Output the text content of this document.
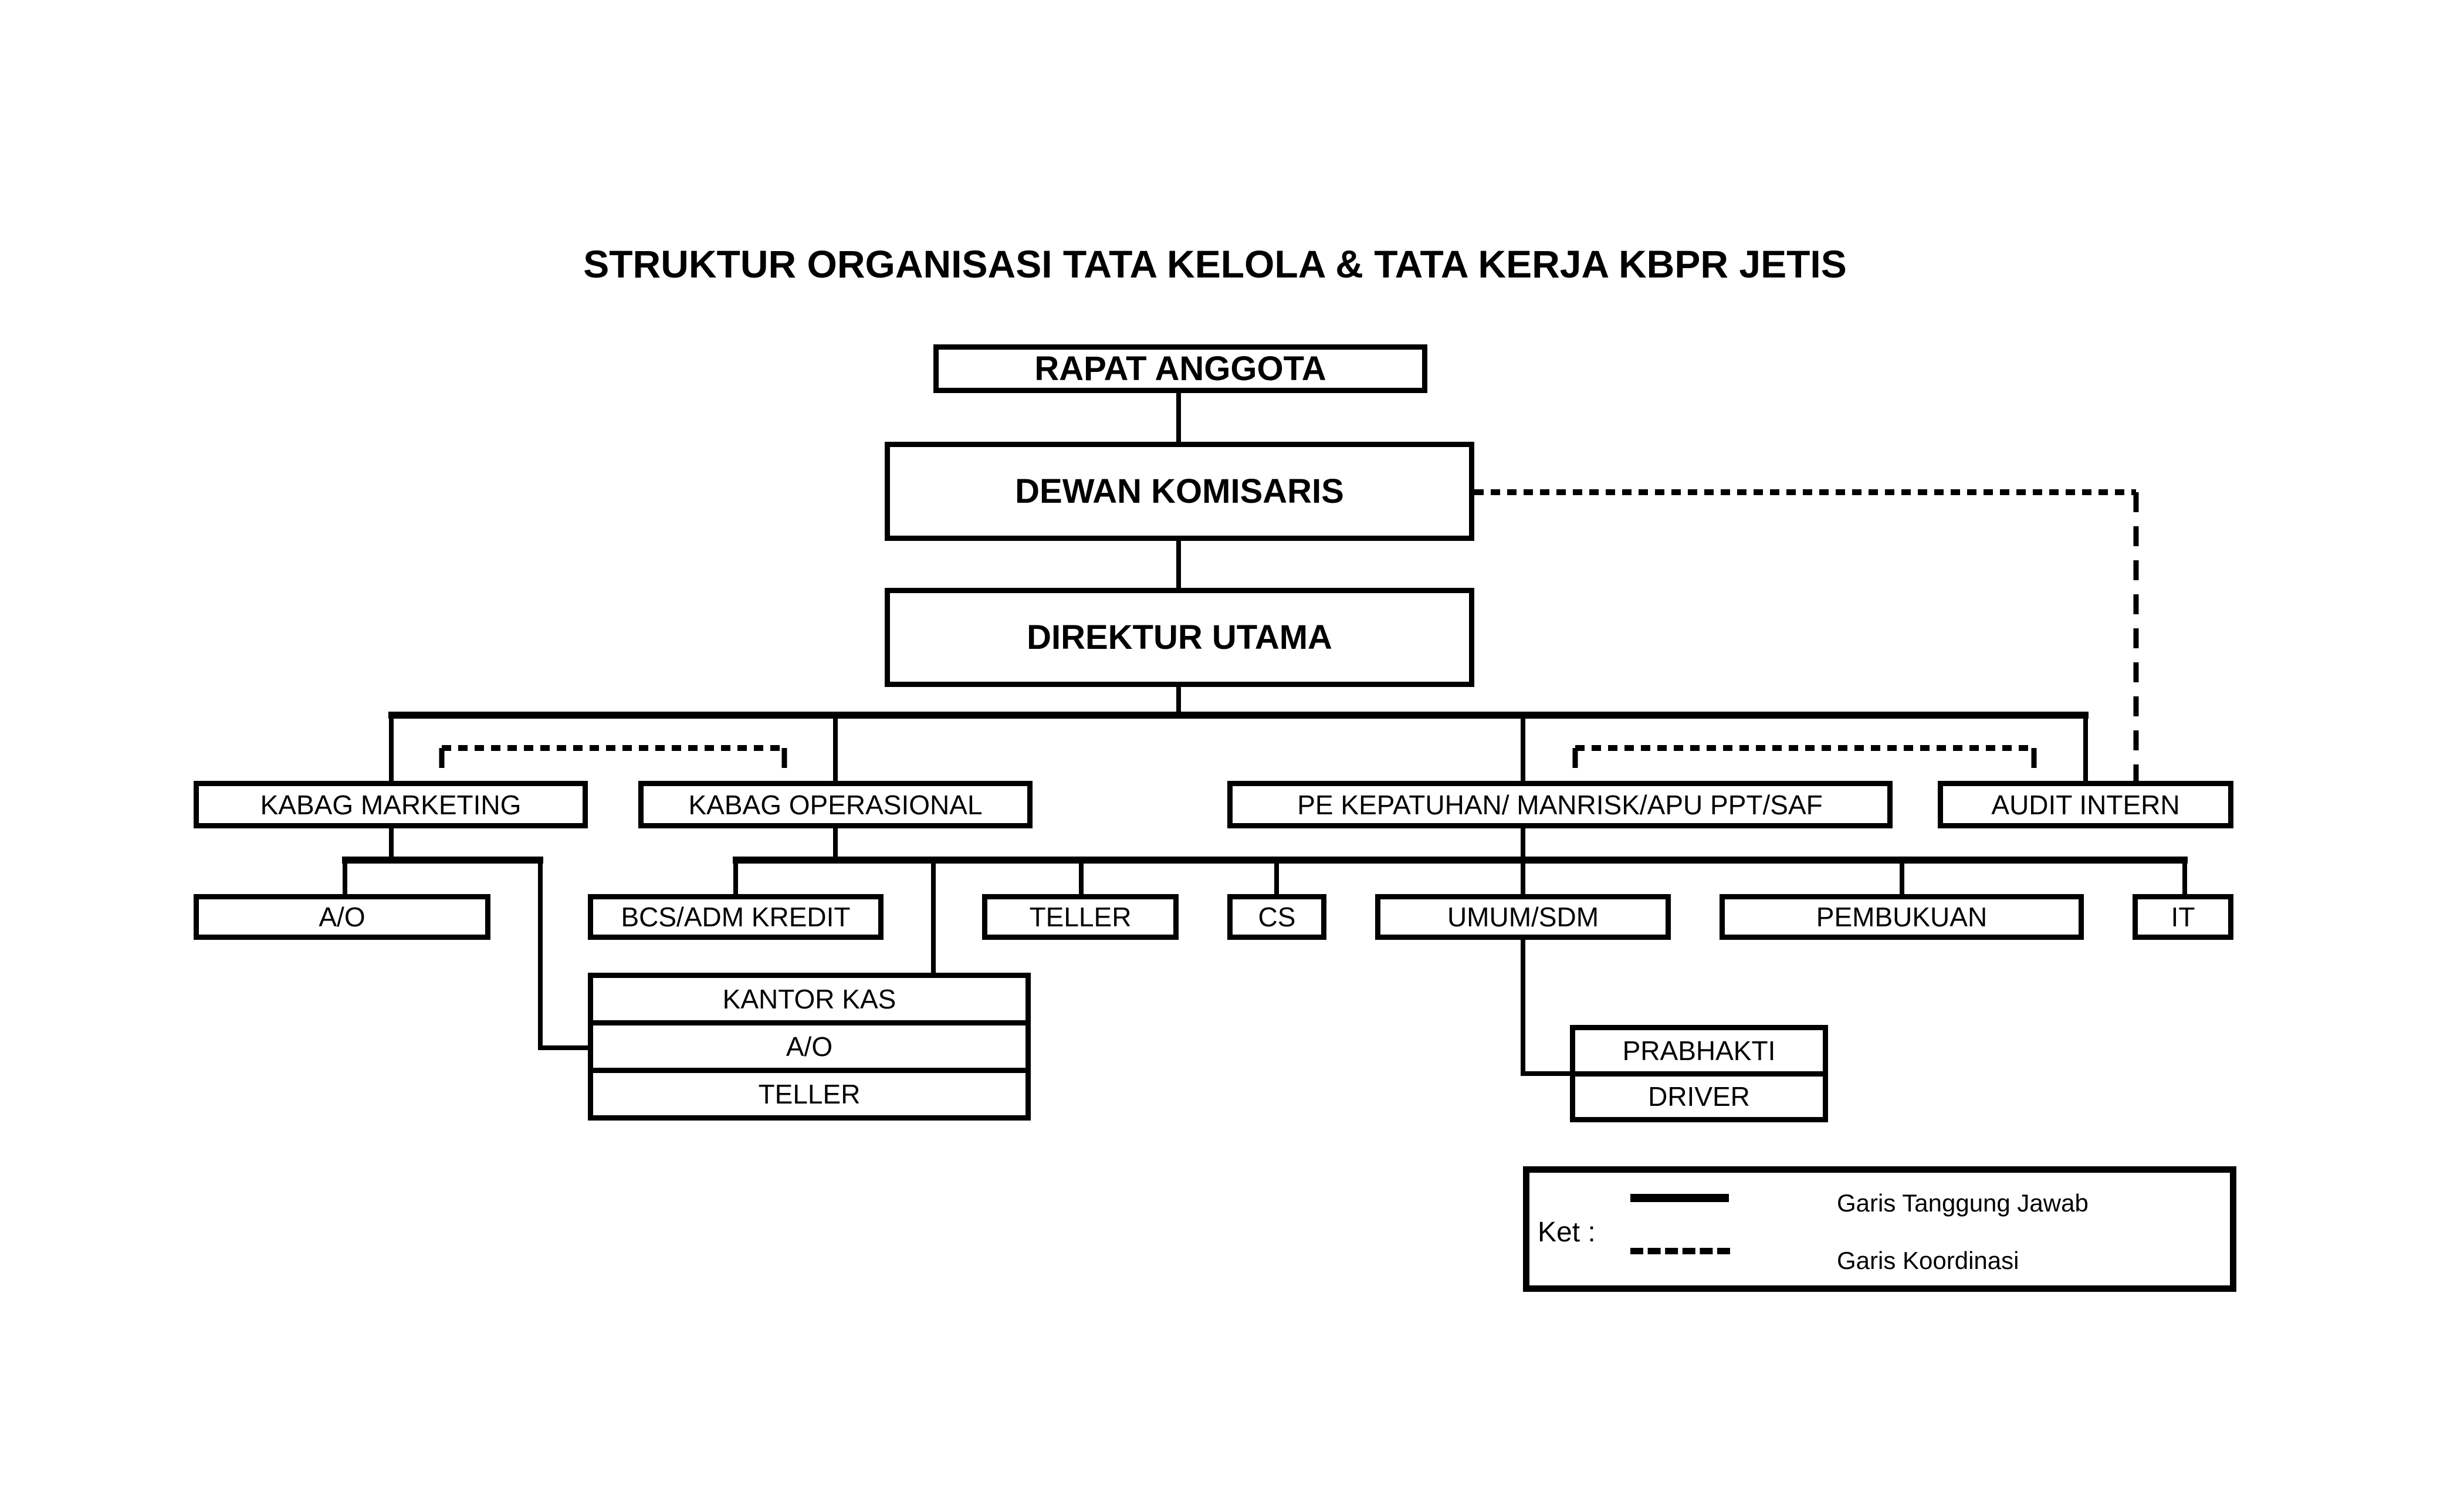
STRUKTUR ORGANISASI TATA KELOLA & TATA KERJA KBPR JETIS
RAPAT ANGGOTA
DEWAN KOMISARIS
DIREKTUR UTAMA
KABAG MARKETING	KABAG OPERASIONAL	PE KEPATUHAN/ MANRISK/APU PPT/SAF	AUDIT INTERN
A/O	BCS/ADM KREDIT	TELLER	CS	UMUM/SDM	PEMBUKUAN	IT
KANTOR KAS
A/O
TELLER
PRABHAKTI
DRIVER
Ket :
Garis Tanggung Jawab
Garis Koordinasi
